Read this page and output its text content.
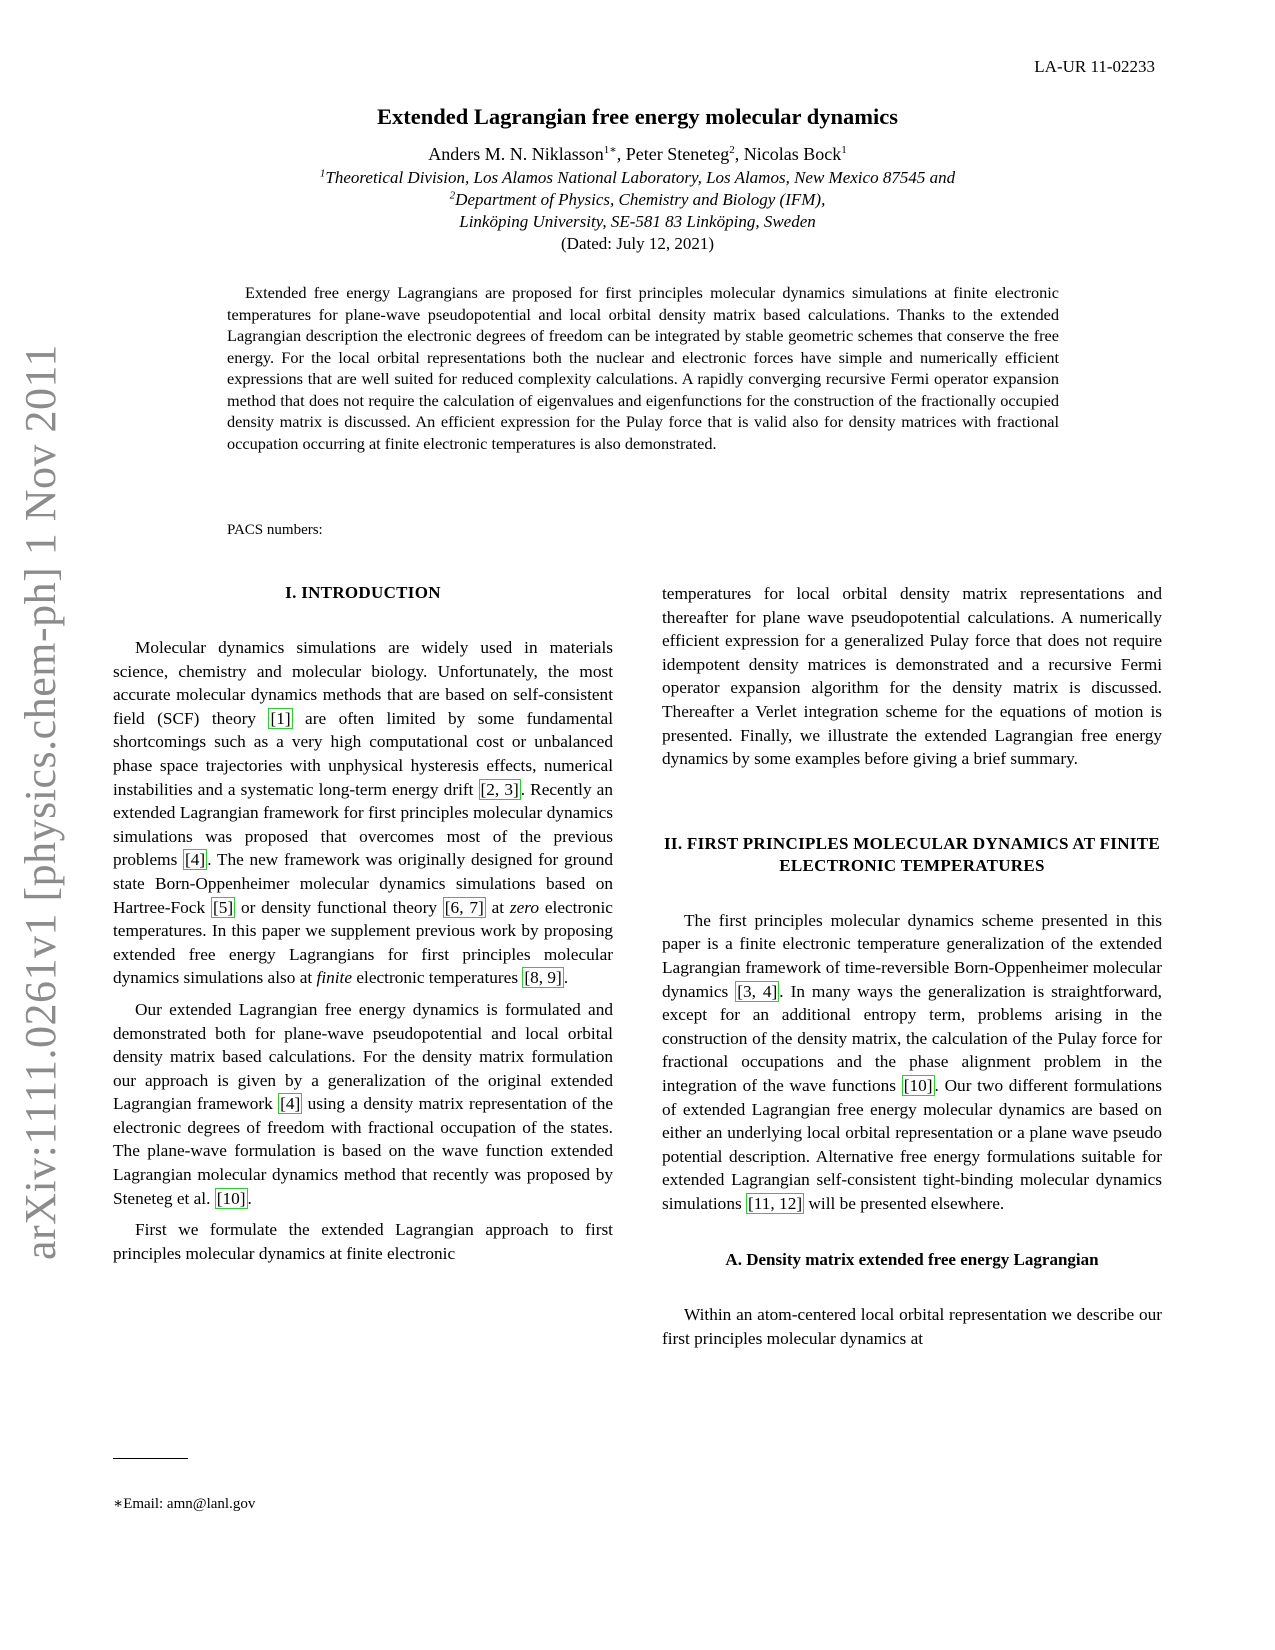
LA-UR 11-02233
arXiv:1111.0261v1 [physics.chem-ph] 1 Nov 2011
Extended Lagrangian free energy molecular dynamics

Anders M. N. Niklasson$^{1∗}$, Peter Steneteg$^2$, Nicolas Bock$^1$

$^1$Theoretical Division, Los Alamos National Laboratory, Los Alamos, New Mexico 87545 and

$^2$Department of Physics, Chemistry and Biology (IFM),

Linköping University, SE-581 83 Linköping, Sweden

(Dated: July 12, 2021)

Extended free energy Lagrangians are proposed for first principles molecular dynamics simulations at finite electronic temperatures for plane-wave pseudopotential and local orbital density matrix based calculations. Thanks to the extended Lagrangian description the electronic degrees of freedom can be integrated by stable geometric schemes that conserve the free energy. For the local orbital representations both the nuclear and electronic forces have simple and numerically efficient expressions that are well suited for reduced complexity calculations. A rapidly converging recursive Fermi operator expansion method that does not require the calculation of eigenvalues and eigenfunctions for the construction of the fractionally occupied density matrix is discussed. An efficient expression for the Pulay force that is valid also for density matrices with fractional occupation occurring at finite electronic temperatures is also demonstrated.

PACS numbers:
I. INTRODUCTION

Molecular dynamics simulations are widely used in materials science, chemistry and molecular biology. Unfortunately, the most accurate molecular dynamics methods that are based on self-consistent field (SCF) theory [1] are often limited by some fundamental shortcomings such as a very high computational cost or unbalanced phase space trajectories with unphysical hysteresis effects, numerical instabilities and a systematic long-term energy drift [2, 3] . Recently an extended Lagrangian framework for first principles molecular dynamics simulations was proposed that overcomes most of the previous problems [4] . The new framework was originally designed for ground state Born-Oppenheimer molecular dynamics simulations based on Hartree-Fock [5] or density functional theory [6, 7] at zero electronic temperatures. In this paper we supplement previous work by proposing extended free energy Lagrangians for first principles molecular dynamics simulations also at finite electronic temperatures [8, 9] .

Our extended Lagrangian free energy dynamics is formulated and demonstrated both for plane-wave pseudopotential and local orbital density matrix based calculations. For the density matrix formulation our approach is given by a generalization of the original extended Lagrangian framework [4] using a density matrix representation of the electronic degrees of freedom with fractional occupation of the states. The plane-wave formulation is based on the wave function extended Lagrangian molecular dynamics method that recently was proposed by Steneteg et al. [10] .

First we formulate the extended Lagrangian approach to first principles molecular dynamics at finite electronic

temperatures for local orbital density matrix representations and thereafter for plane wave pseudopotential calculations. A numerically efficient expression for a generalized Pulay force that does not require idempotent density matrices is demonstrated and a recursive Fermi operator expansion algorithm for the density matrix is discussed. Thereafter a Verlet integration scheme for the equations of motion is presented. Finally, we illustrate the extended Lagrangian free energy dynamics by some examples before giving a brief summary.

II. FIRST PRINCIPLES MOLECULAR DYNAMICS AT FINITE ELECTRONIC TEMPERATURES

The first principles molecular dynamics scheme presented in this paper is a finite electronic temperature generalization of the extended Lagrangian framework of time-reversible Born-Oppenheimer molecular dynamics [3, 4] . In many ways the generalization is straightforward, except for an additional entropy term, problems arising in the construction of the density matrix, the calculation of the Pulay force for fractional occupations and the phase alignment problem in the integration of the wave functions [10] . Our two different formulations of extended Lagrangian free energy molecular dynamics are based on either an underlying local orbital representation or a plane wave pseudo potential description. Alternative free energy formulations suitable for extended Lagrangian self-consistent tight-binding molecular dynamics simulations [11, 12] will be presented elsewhere.

A. Density matrix extended free energy Lagrangian

Within an atom-centered local orbital representation we describe our first principles molecular dynamics at

∗Email: amn@lanl.gov
